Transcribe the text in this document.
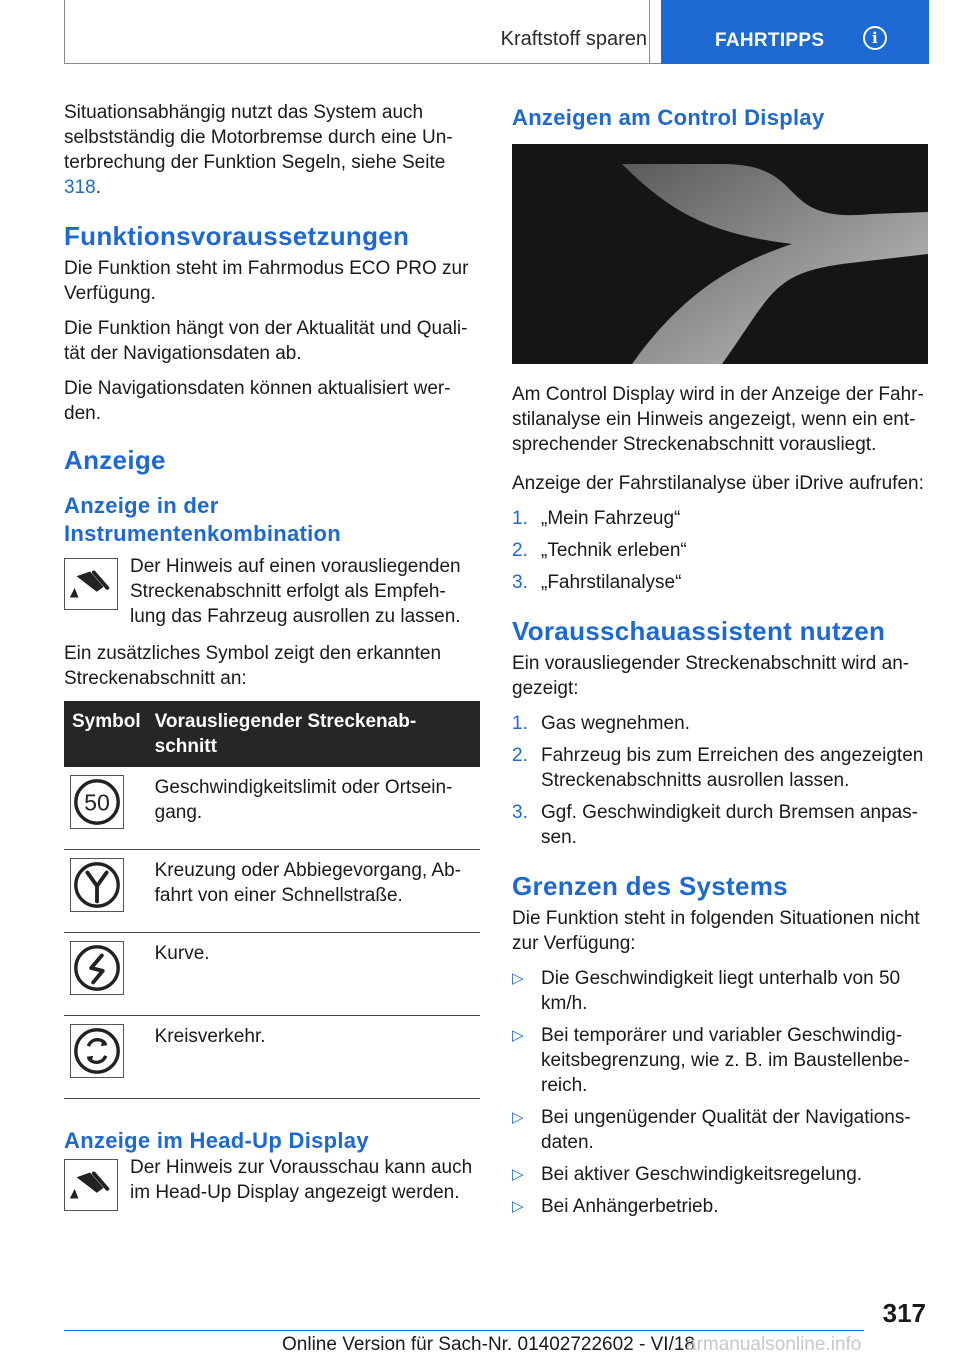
Kraftstoff sparen	FAHRTIPPS	i

Situationsabhängig nutzt das System auch selbstständig die Motorbremse durch eine Un-terbrechung der Funktion Segeln, siehe Seite 318.

Funktionsvoraussetzungen

Die Funktion steht im Fahrmodus ECO PRO zur Verfügung.

Die Funktion hängt von der Aktualität und Quali-tät der Navigationsdaten ab.

Die Navigationsdaten können aktualisiert wer-den.

Anzeige
Anzeige in der Instrumentenkombination
Der Hinweis auf einen vorausliegenden Streckenabschnitt erfolgt als Empfeh-lung das Fahrzeug ausrollen zu lassen.

Ein zusätzliches Symbol zeigt den erkannten Streckenabschnitt an:

Symbol	Vorausliegender Streckenab-schnitt

50	Geschwindigkeitslimit oder Ortsein-gang.

	Kreuzung oder Abbiegevorgang, Ab-fahrt von einer Schnellstraße.

	Kurve.

	Kreisverkehr.
Anzeige im Head-Up Display
Der Hinweis zur Vorausschau kann auch im Head-Up Display angezeigt werden.
Anzeigen am Control Display

Am Control Display wird in der Anzeige der Fahr-stilanalyse ein Hinweis angezeigt, wenn ein ent-sprechender Streckenabschnitt vorausliegt.

Anzeige der Fahrstilanalyse über iDrive aufrufen:

1. „Mein Fahrzeug“
2. „Technik erleben“
3. „Fahrstilanalyse“
Vorausschauassistent nutzen

Ein vorausliegender Streckenabschnitt wird an-gezeigt:

1. Gas wegnehmen.
2. Fahrzeug bis zum Erreichen des angezeigten Streckenabschnitts ausrollen lassen.
3. Ggf. Geschwindigkeit durch Bremsen anpas-sen.
Grenzen des Systems

Die Funktion steht in folgenden Situationen nicht zur Verfügung:

▷ Die Geschwindigkeit liegt unterhalb von 50 km/h.
▷ Bei temporärer und variabler Geschwindig-keitsbegrenzung, wie z. B. im Baustellenbe-reich.
▷ Bei ungenügender Qualität der Navigations-daten.
▷ Bei aktiver Geschwindigkeitsregelung.
▷ Bei Anhängerbetrieb.
317
Online Version für Sach-Nr. 01402722602 - VI/18
armanualsonline.info
